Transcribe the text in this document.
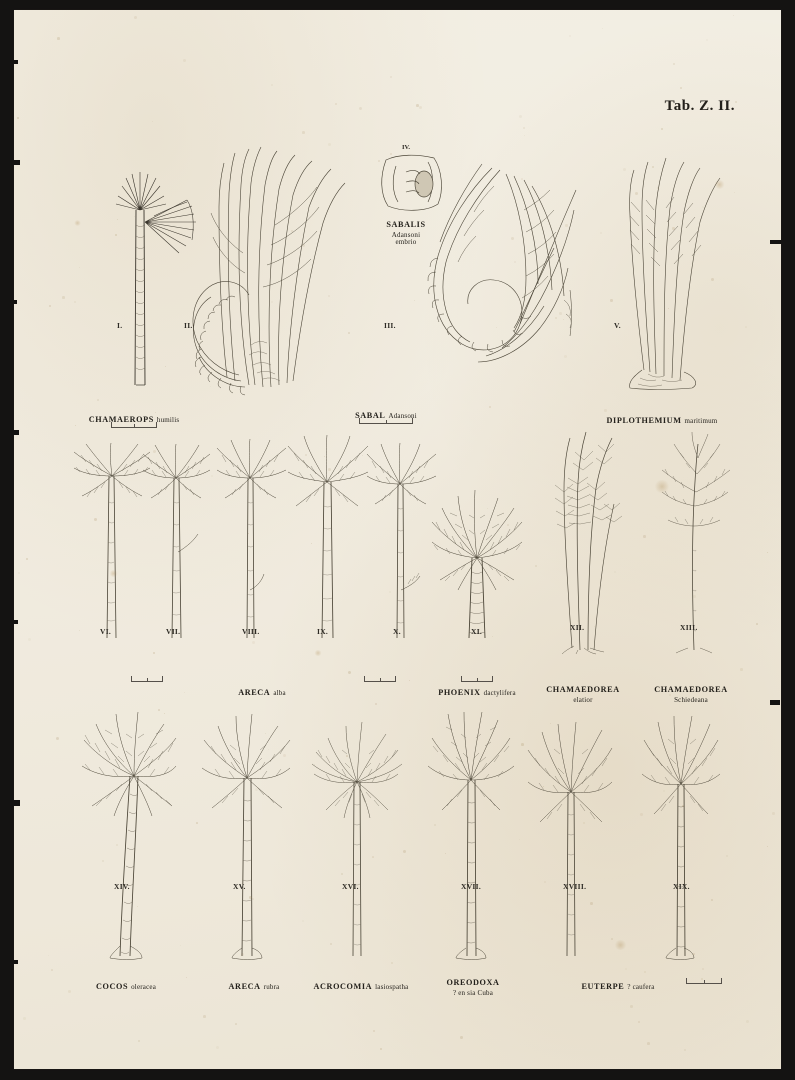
Tab. Z. II.
IV.
I.	II.	III.	V.
VI.	VII.	VIII.	IX.	X.	XI.	XII.	XIII.
XIV.	XV.	XVI.	XVII.	XVIII.	XIX.
CHAMAEROPS humilis	SABAL Adansoni	DIPLOTHEMIUM maritimum
SABALIS
Adansoni
embrio
ARECA alba	PHOENIX dactylifera	CHAMAEDOREA
elatior
CHAMAEDOREA
Schiedeana
COCOS oleracea	ARECA rubra	ACROCOMIA lasiospatha	OREODOXA
? en sia Cuba
EUTERPE ? caufera
